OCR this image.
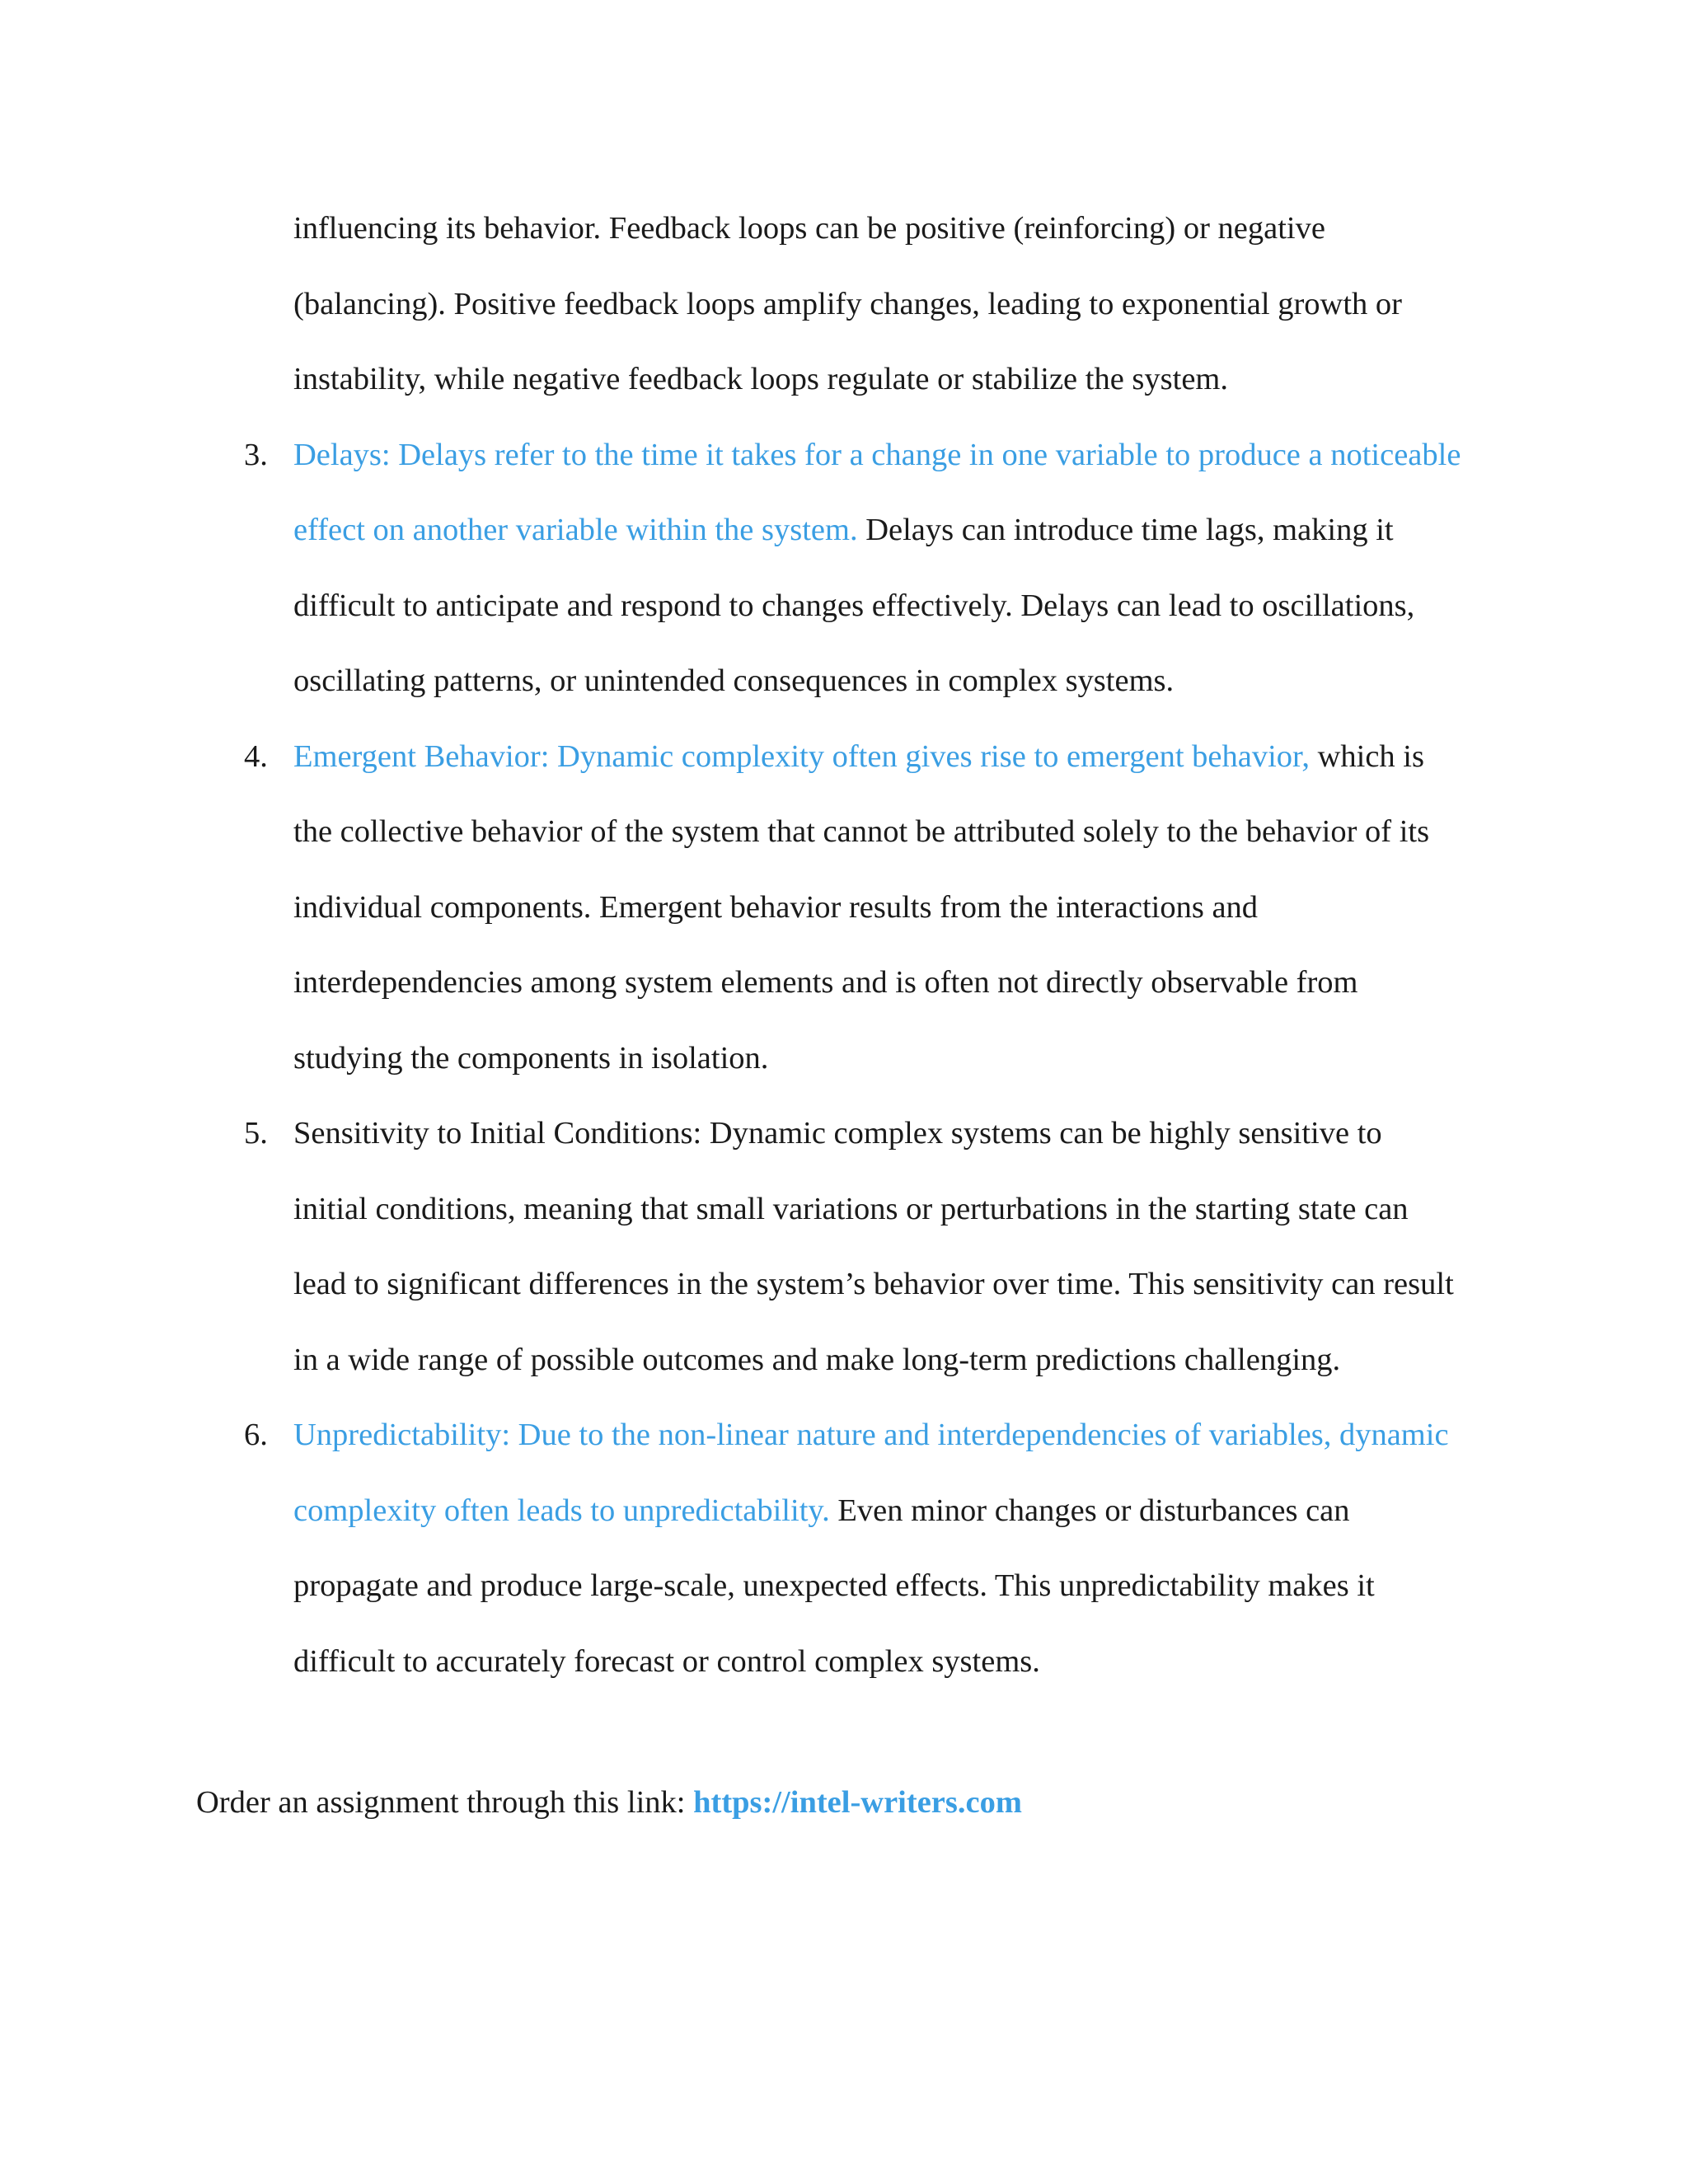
influencing its behavior. Feedback loops can be positive (reinforcing) or negative (balancing). Positive feedback loops amplify changes, leading to exponential growth or instability, while negative feedback loops regulate or stabilize the system.

3. Delays: Delays refer to the time it takes for a change in one variable to produce a noticeable effect on another variable within the system. Delays can introduce time lags, making it difficult to anticipate and respond to changes effectively. Delays can lead to oscillations, oscillating patterns, or unintended consequences in complex systems.
4. Emergent Behavior: Dynamic complexity often gives rise to emergent behavior, which is the collective behavior of the system that cannot be attributed solely to the behavior of its individual components. Emergent behavior results from the interactions and interdependencies among system elements and is often not directly observable from studying the components in isolation.
5. Sensitivity to Initial Conditions: Dynamic complex systems can be highly sensitive to initial conditions, meaning that small variations or perturbations in the starting state can lead to significant differences in the system’s behavior over time. This sensitivity can result in a wide range of possible outcomes and make long-term predictions challenging.
6. Unpredictability: Due to the non-linear nature and interdependencies of variables, dynamic complexity often leads to unpredictability. Even minor changes or disturbances can propagate and produce large-scale, unexpected effects. This unpredictability makes it difficult to accurately forecast or control complex systems.
Order an assignment through this link: https://intel-writers.com
